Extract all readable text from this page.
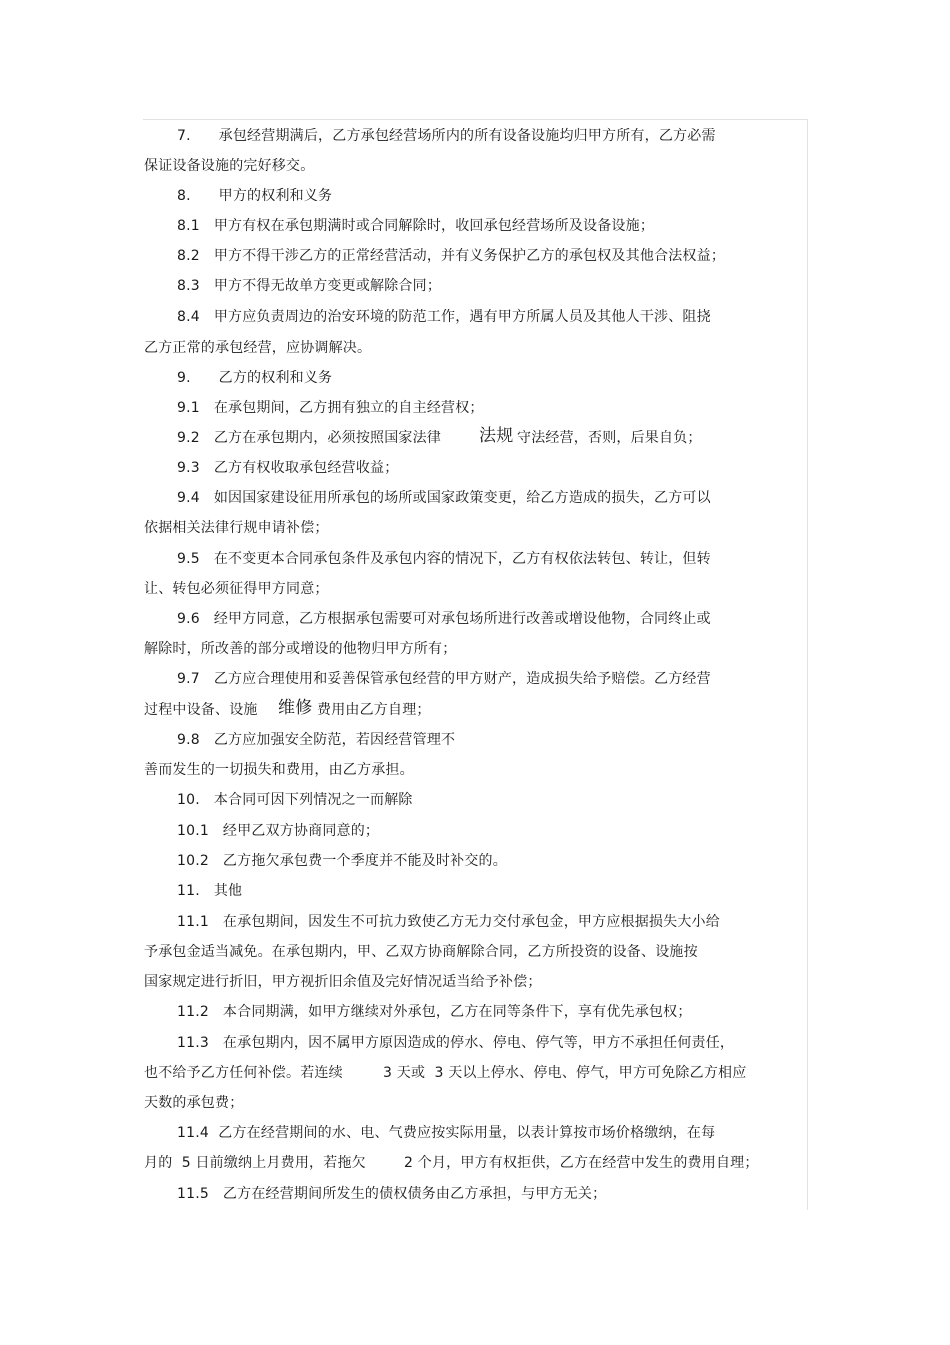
7.      承包经营期满后，乙方承包经营场所内的所有设备设施均归甲方所有，乙方必需
保证设备设施的完好移交。
8.      甲方的权利和义务
8.1   甲方有权在承包期满时或合同解除时，收回承包经营场所及设备设施；
8.2   甲方不得干涉乙方的正常经营活动，并有义务保护乙方的承包权及其他合法权益；
8.3   甲方不得无故单方变更或解除合同；
8.4   甲方应负责周边的治安环境的防范工作，遇有甲方所属人员及其他人干涉、阻挠
乙方正常的承包经营，应协调解决。
9.      乙方的权利和义务
9.1   在承包期间，乙方拥有独立的自主经营权；
9.2   乙方在承包期内，必须按照国家法律 法规 守法经营，否则，后果自负；
9.3   乙方有权收取承包经营收益；
9.4   如因国家建设征用所承包的场所或国家政策变更，给乙方造成的损失，乙方可以
依据相关法律行规申请补偿；
9.5   在不变更本合同承包条件及承包内容的情况下，乙方有权依法转包、转让，但转
让、转包必须征得甲方同意；
9.6   经甲方同意，乙方根据承包需要可对承包场所进行改善或增设他物，合同终止或
解除时，所改善的部分或增设的他物归甲方所有；
9.7   乙方应合理使用和妥善保管承包经营的甲方财产，造成损失给予赔偿。乙方经营
过程中设备、设施 维修 费用由乙方自理；
9.8   乙方应加强安全防范，若因经营管理不
善而发生的一切损失和费用，由乙方承担。
10.   本合同可因下列情况之一而解除
10.1   经甲乙双方协商同意的；
10.2   乙方拖欠承包费一个季度并不能及时补交的。
11.   其他
11.1   在承包期间，因发生不可抗力致使乙方无力交付承包金，甲方应根据损失大小给
予承包金适当减免。在承包期内，甲、乙双方协商解除合同，乙方所投资的设备、设施按
国家规定进行折旧，甲方视折旧余值及完好情况适当给予补偿；
11.2   本合同期满，如甲方继续对外承包，乙方在同等条件下，享有优先承包权；
11.3   在承包期内，因不属甲方原因造成的停水、停电、停气等，甲方不承担任何责任，
也不给予乙方任何补偿。若连续	3 天或  3 天以上停水、停电、停气，甲方可免除乙方相应
天数的承包费；
11.4  乙方在经营期间的水、电、气费应按实际用量，以表计算按市场价格缴纳，在每
月的  5 日前缴纳上月费用，若拖欠	2 个月，甲方有权拒供，乙方在经营中发生的费用自理；
11.5   乙方在经营期间所发生的债权债务由乙方承担，与甲方无关；
